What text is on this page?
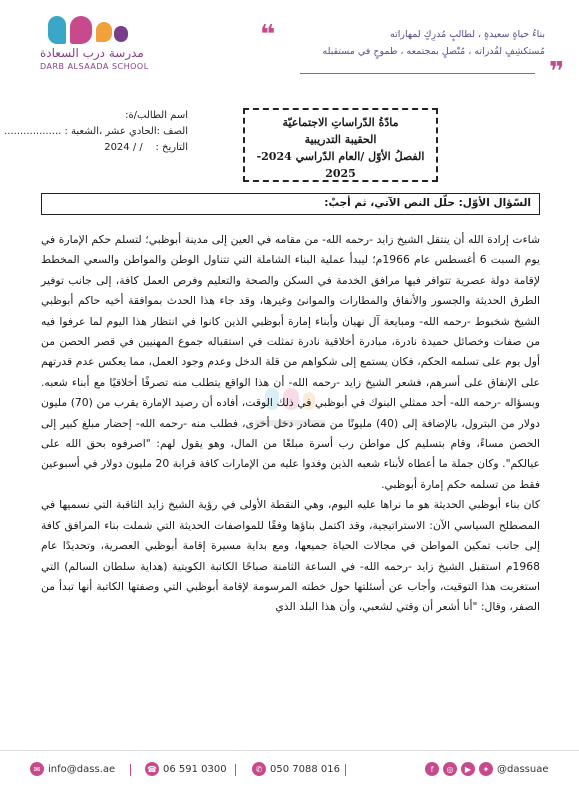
مدرسة درب السعادة
DARB ALSAADA SCHOOL
❝	بناءُ حياةٍ سعيدةٍ ، لطالبٍ مُدرِكٍ لمهاراته
مُستكشِفٍ لقُدراته ، مُتّصلٍ بمجتمعه ، طموحٍ في مستقبله
❞
اسم الطالب/ة:
الصف :الحادي عشر ،الشعبة : ..................
التاريخ :    / / 2024
مادّةُ الدّراساتِ الاجتماعيّة
الحقيبة التدريبية
الفصلُ الأوّل /العام الدّراسي 2024-2025
السّؤال الأوّل: حلّل النص الآتي، ثم أجبْ:

شاءت إرادة الله أن ينتقل الشيخ زايد -رحمه الله- من مقامه في العين إلى مدينة أبوظبي؛ لتسلم حكم الإمارة في يوم السبت 6 أغسطس عام 1966م؛ ليبدأ عملية البناء الشاملة التي تتناول الوطن والمواطن والسعي المخطط لإقامة دولة عصرية تتوافر فيها مرافق الخدمة في السكن والصحة والتعليم وفرص العمل كافة، إلى جانب توفير الطرق الحديثة والجسور والأنفاق والمطارات والموانئ وغيرها، وقد جاء هذا الحدث بموافقة أخيه حاكم أبوظبي الشيخ شخبوط -رحمه الله- ومبايعة آل نهيان وأبناء إمارة أبوظبي الذين كانوا في انتظار هذا اليوم لما عرفوا فيه من صفات وخصائل حميدة نادرة، مبادرة أخلاقية نادرة تمثلت في استقباله جموع المهنيين في قصر الحصن من أول يوم على تسلمه الحكم، فكان يستمع إلى شكواهم من قلة الدخل وعدم وجود العمل، مما يعكس عدم قدرتهم على الإنفاق على أسرهم، فشعر الشيخ زايد -رحمه الله- أن هذا الواقع يتطلب منه تصرفًا أخلاقيًا مع أبناء شعبه. وبسؤاله -رحمه الله- أحد ممثلي البنوك في أبوظبي في ذلك الوقت، أفاده أن رصيد الإمارة يقرب من (70) مليون دولار من البترول، بالإضافة إلى (40) مليونًا من مصادر دخل أخرى، فطلب منه -رحمه الله- إحضار مبلغ كبير إلى الحصن مساءً، وقام بتسليم كل مواطن رب أسرة مبلغًا من المال، وهو يقول لهم: "اصرفوه بحق الله على عيالكم". وكان جملة ما أعطاه لأبناء شعبه الذين وفدوا عليه من الإمارات كافة قرابة 20 مليون دولار في أسبوعين فقط من تسلمه حكم إمارة أبوظبي.

كان بناء أبوظبي الحديثة هو ما نراها عليه اليوم، وهي النقطة الأولى في رؤية الشيخ زايد الثاقبة التي نسميها في المصطلح السياسي الآن: الاستراتيجية، وقد اكتمل بناؤها وفقًا للمواصفات الحديثة التي شملت بناء المرافق كافة إلى جانب تمكين المواطن في مجالات الحياة جميعها، ومع بداية مسيرة إقامة أبوظبي العصرية، وتحديدًا عام 1968م استقبل الشيخ زايد -رحمه الله- في الساعة الثامنة صباحًا الكاتبة الكويتية (هداية سلطان السالم) التي استغربت هذا التوقيت، وأجاب عن أسئلتها حول خطته المرسومة لإقامة أبوظبي التي وصفتها الكاتبة أنها تبدأ من الصفر، وقال: "أنا أشعر أن وقتي لشعبي، وأن هذا البلد الذي

✉ info@dass.ae	☎ 06 591 0300	✆ 050 7088 016	f	◎	▶	✦ @dassuae
